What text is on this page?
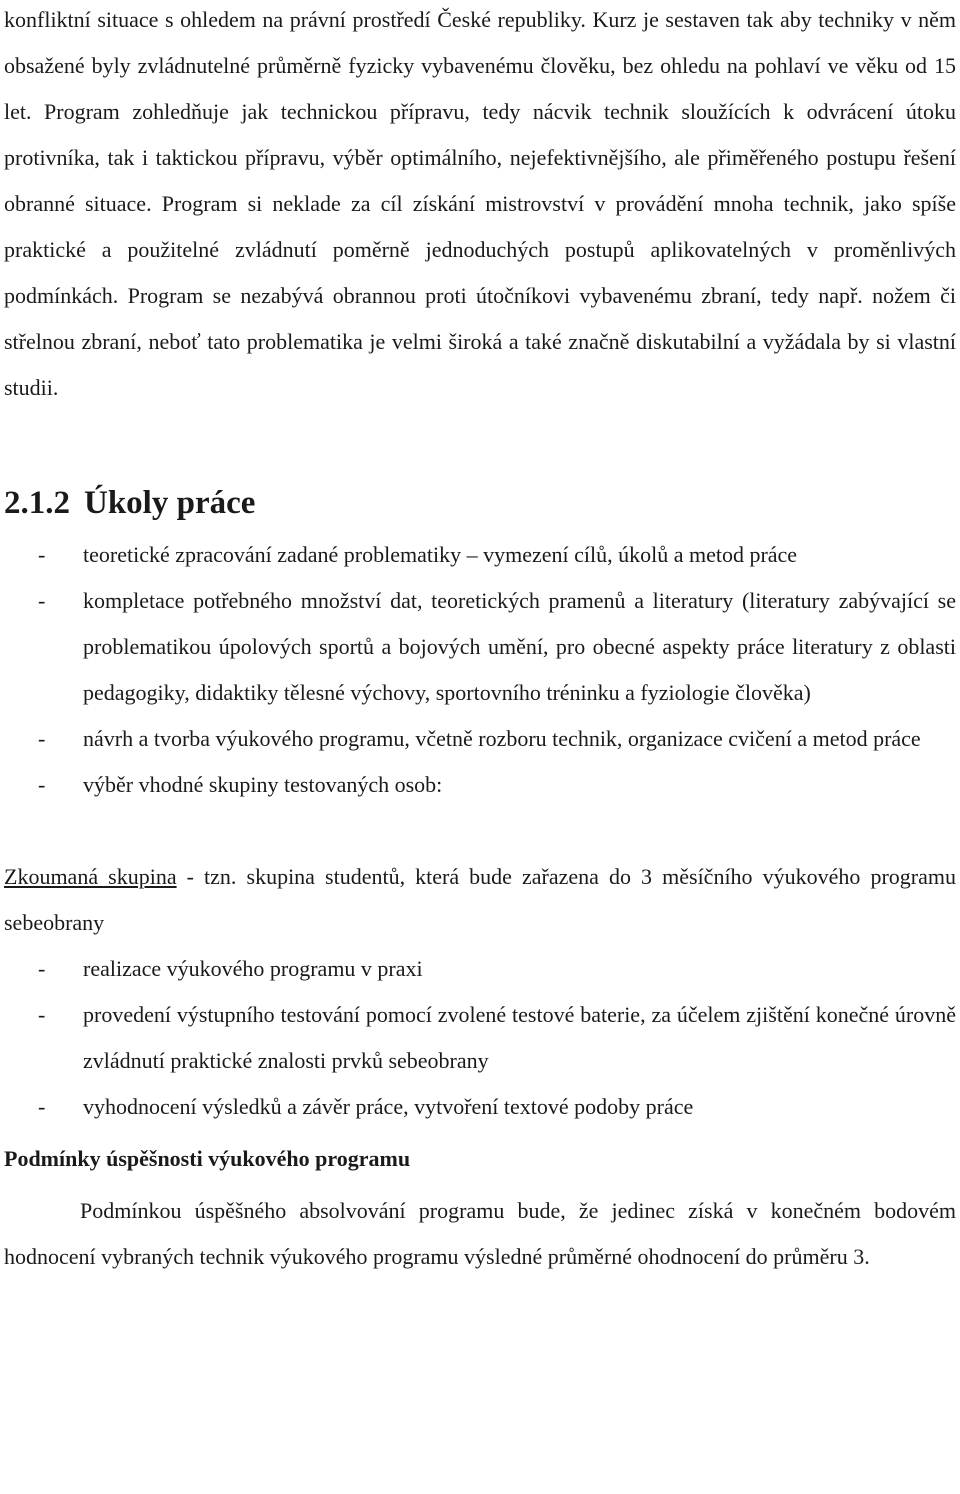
konfliktní situace s ohledem na právní prostředí České republiky. Kurz je sestaven tak aby techniky v něm obsažené byly zvládnutelné průměrně fyzicky vybavenému člověku, bez ohledu na pohlaví ve věku od 15 let. Program zohledňuje jak technickou přípravu, tedy nácvik technik sloužících k odvrácení útoku protivníka, tak i taktickou přípravu, výběr optimálního, nejefektivnějšího, ale přiměřeného postupu řešení obranné situace. Program si neklade za cíl získání mistrovství v provádění mnoha technik, jako spíše praktické a použitelné zvládnutí poměrně jednoduchých postupů aplikovatelných v proměnlivých podmínkách. Program se nezabývá obrannou proti útočníkovi vybavenému zbraní, tedy např. nožem či střelnou zbraní, neboť tato problematika je velmi široká a také značně diskutabilní a vyžádala by si vlastní studii.

2.1.2 Úkoly práce
- teoretické zpracování zadané problematiky – vymezení cílů, úkolů a metod práce
- kompletace potřebného množství dat, teoretických pramenů a literatury (literatury zabývající se problematikou úpolových sportů a bojových umění, pro obecné aspekty práce literatury z oblasti pedagogiky, didaktiky tělesné výchovy, sportovního tréninku a fyziologie člověka)
- návrh a tvorba výukového programu, včetně rozboru technik, organizace cvičení a metod práce
- výběr vhodné skupiny testovaných osob:

Zkoumaná skupina - tzn. skupina studentů, která bude zařazena do 3 měsíčního výukového programu sebeobrany

- realizace výukového programu v praxi
- provedení výstupního testování pomocí zvolené testové baterie, za účelem zjištění konečné úrovně zvládnutí praktické znalosti prvků sebeobrany
- vyhodnocení výsledků a závěr práce, vytvoření textové podoby práce

Podmínky úspěšnosti výukového programu

Podmínkou úspěšného absolvování programu bude, že jedinec získá v konečném bodovém hodnocení vybraných technik výukového programu výsledné průměrné ohodnocení do průměru 3.
